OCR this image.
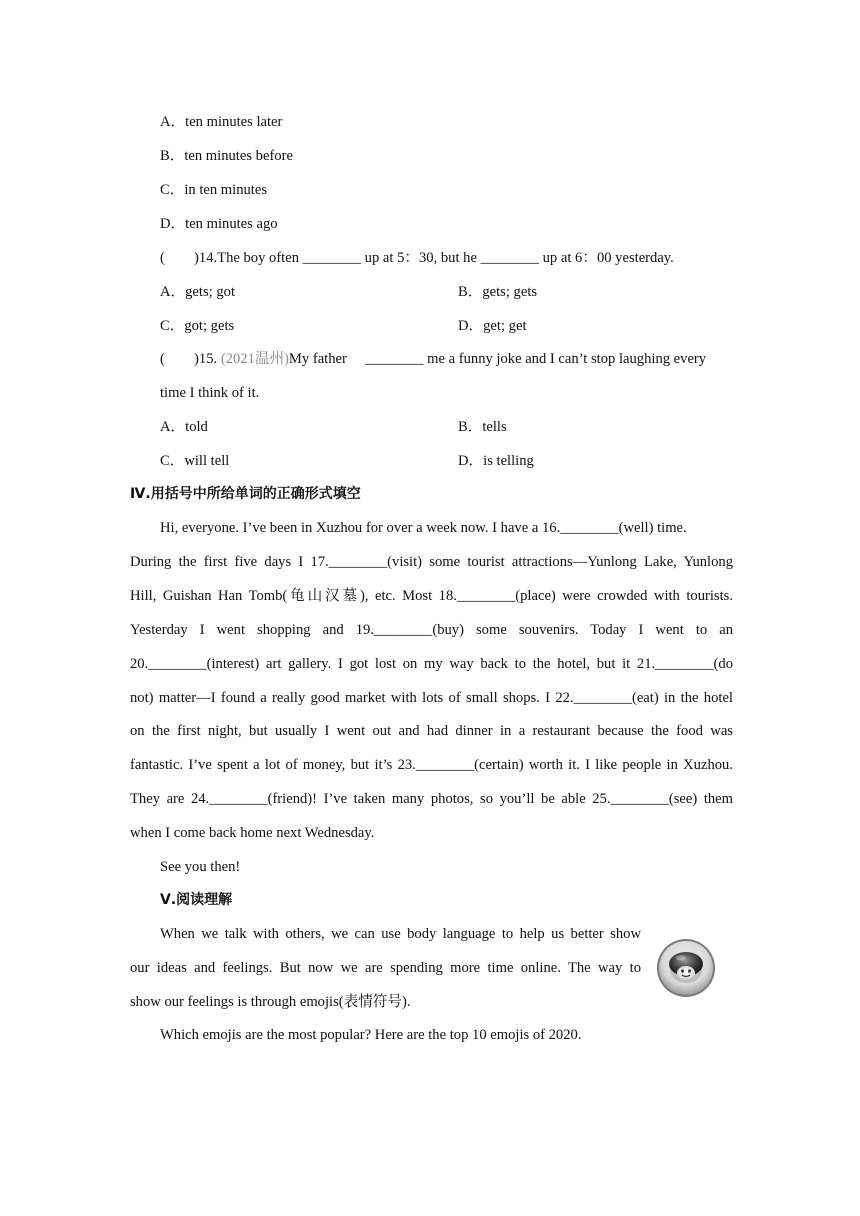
A．ten minutes later
B．ten minutes before
C．in ten minutes
D．ten minutes ago
(　　)14.The boy often ________ up at 5：30, but he ________ up at 6：00 yesterday.
A．gets; got	B．gets; gets
C．got; gets	D．get; get
(　　)15. (2021温州)My father　 ________ me a funny joke and I can’t stop laughing every
time I think of it.
A．told	B．tells
C．will tell	D．is telling
Ⅳ.用括号中所给单词的正确形式填空
Hi, everyone. I’ve been in Xuzhou for over a week now. I have a 16.________(well) time.
During the first five days I 17.________(visit) some tourist attractions—Yunlong Lake, Yunlong
Hill, Guishan Han Tomb(龟山汉墓), etc. Most 18.________(place) were crowded with tourists.
Yesterday I went shopping and 19.________(buy) some souvenirs. Today I went to an
20.________(interest) art gallery. I got lost on my way back to the hotel, but it 21.________(do
not) matter—I found a really good market with lots of small shops. I 22.________(eat) in the hotel
on the first night, but usually I went out and had dinner in a restaurant because the food was
fantastic. I’ve spent a lot of money, but it’s 23.________(certain) worth it. I like people in Xuzhou.
They are 24.________(friend)! I’ve taken many photos, so you’ll be able 25.________(see) them
when I come back home next Wednesday.
See you then!
Ⅴ.阅读理解
When we talk with others, we can use body language to help us better show
our ideas and feelings. But now we are spending more time online. The way to
show our feelings is through emojis(表情符号).
Which emojis are the most popular? Here are the top 10 emojis of 2020.
